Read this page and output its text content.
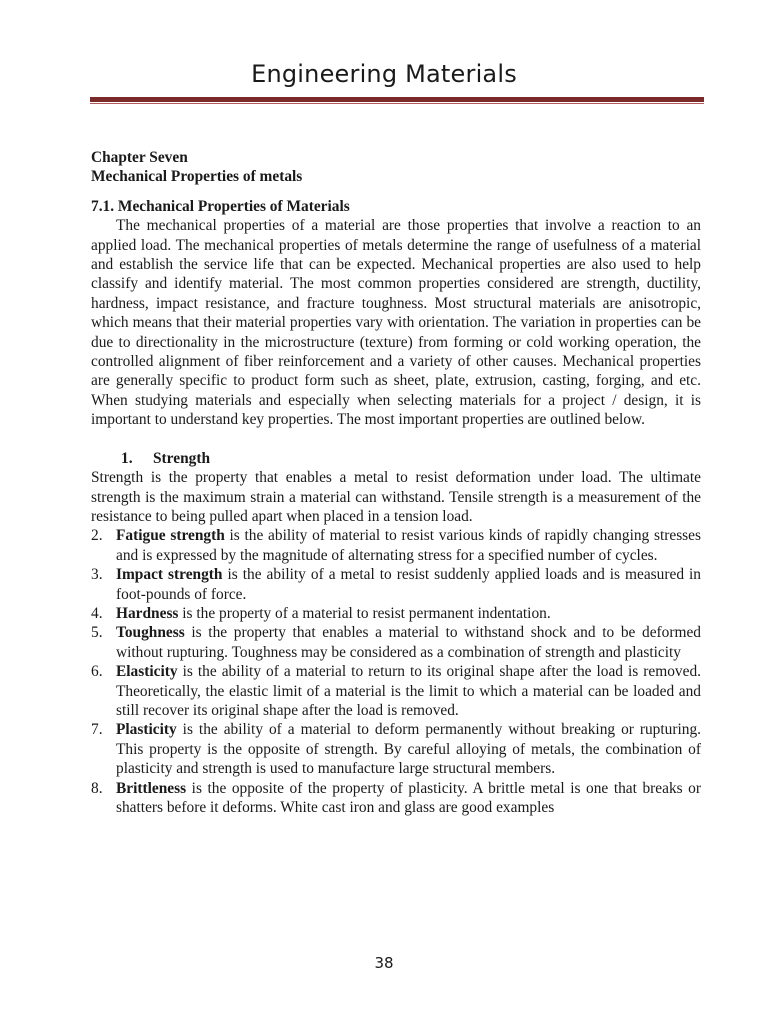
Engineering Materials

Chapter Seven

Mechanical Properties of metals

7.1. Mechanical Properties of Materials

The mechanical properties of a material are those properties that involve a reaction to an applied load. The mechanical properties of metals determine the range of usefulness of a material and establish the service life that can be expected. Mechanical properties are also used to help classify and identify material. The most common properties considered are strength, ductility, hardness, impact resistance, and fracture toughness. Most structural materials are anisotropic, which means that their material properties vary with orientation. The variation in properties can be due to directionality in the microstructure (texture) from forming or cold working operation, the controlled alignment of fiber reinforcement and a variety of other causes. Mechanical properties are generally specific to product form such as sheet, plate, extrusion, casting, forging, and etc. When studying materials and especially when selecting materials for a project / design, it is important to understand key properties. The most important properties are outlined below.

1. Strength

Strength is the property that enables a metal to resist deformation under load. The ultimate strength is the maximum strain a material can withstand. Tensile strength is a measurement of the resistance to being pulled apart when placed in a tension load.

2. Fatigue strength is the ability of material to resist various kinds of rapidly changing stresses and is expressed by the magnitude of alternating stress for a specified number of cycles.
3. Impact strength is the ability of a metal to resist suddenly applied loads and is measured in foot-pounds of force.
4. Hardness is the property of a material to resist permanent indentation.
5. Toughness is the property that enables a material to withstand shock and to be deformed without rupturing. Toughness may be considered as a combination of strength and plasticity
6. Elasticity is the ability of a material to return to its original shape after the load is removed. Theoretically, the elastic limit of a material is the limit to which a material can be loaded and still recover its original shape after the load is removed.
7. Plasticity is the ability of a material to deform permanently without breaking or rupturing. This property is the opposite of strength. By careful alloying of metals, the combination of plasticity and strength is used to manufacture large structural members.
8. Brittleness is the opposite of the property of plasticity. A brittle metal is one that breaks or shatters before it deforms. White cast iron and glass are good examples
38
